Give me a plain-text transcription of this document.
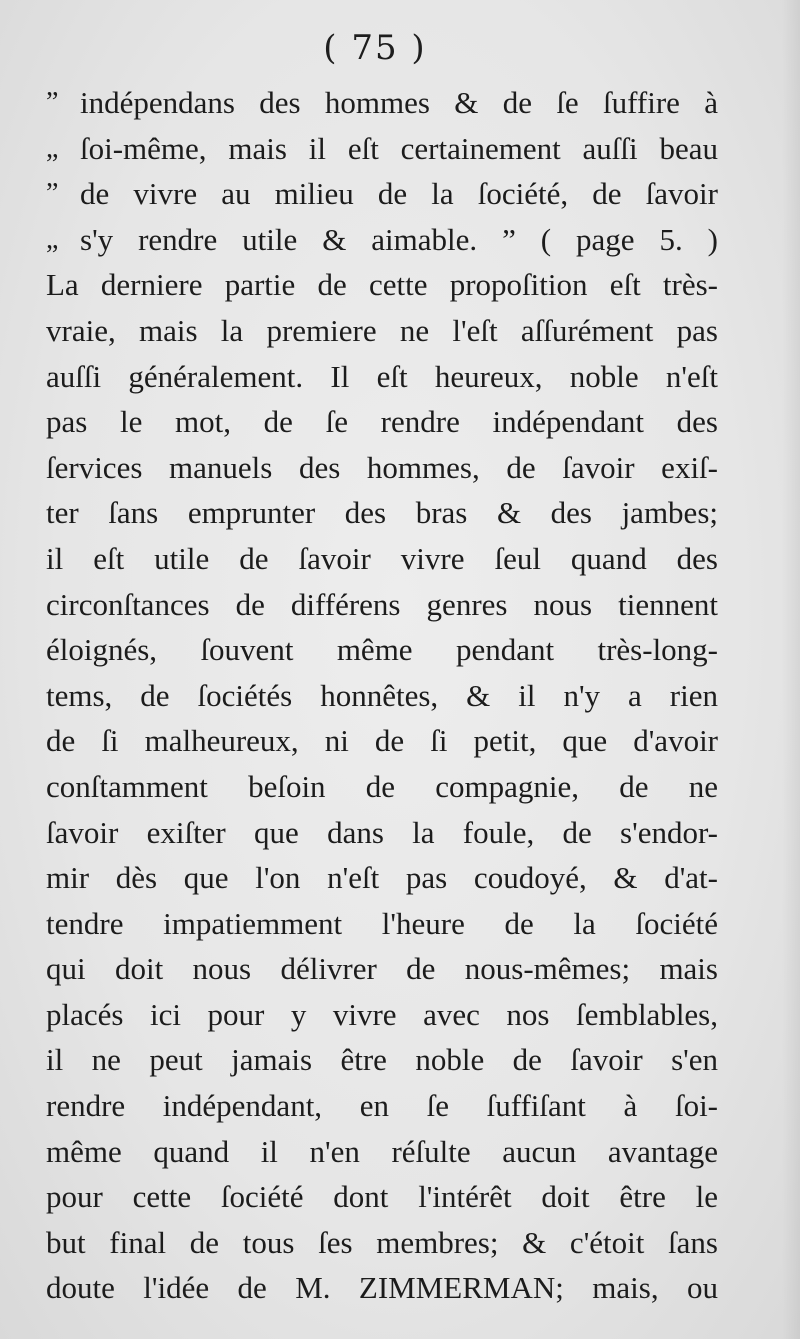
( 75 )
” indépendans des hommes & de ſe ſuffire à
„ ſoi-même, mais il eſt certainement auſſi beau
” de vivre au milieu de la ſociété, de ſavoir
„ s'y rendre utile & aimable. ” ( page 5. )
La derniere partie de cette propoſition eſt très-
vraie, mais la premiere ne l'eſt aſſurément pas
auſſi généralement. Il eſt heureux, noble n'eſt
pas le mot, de ſe rendre indépendant des
ſervices manuels des hommes, de ſavoir exiſ-
ter ſans emprunter des bras & des jambes;
il eſt utile de ſavoir vivre ſeul quand des
circonſtances de différens genres nous tiennent
éloignés, ſouvent même pendant très-long-
tems, de ſociétés honnêtes, & il n'y a rien
de ſi malheureux, ni de ſi petit, que d'avoir
conſtamment beſoin de compagnie, de ne
ſavoir exiſter que dans la foule, de s'endor-
mir dès que l'on n'eſt pas coudoyé, & d'at-
tendre impatiemment l'heure de la ſociété
qui doit nous délivrer de nous-mêmes; mais
placés ici pour y vivre avec nos ſemblables,
il ne peut jamais être noble de ſavoir s'en
rendre indépendant, en ſe ſuffiſant à ſoi-
même quand il n'en réſulte aucun avantage
pour cette ſociété dont l'intérêt doit être le
but final de tous ſes membres; & c'étoit ſans
doute l'idée de M. ZIMMERMAN; mais, ou
